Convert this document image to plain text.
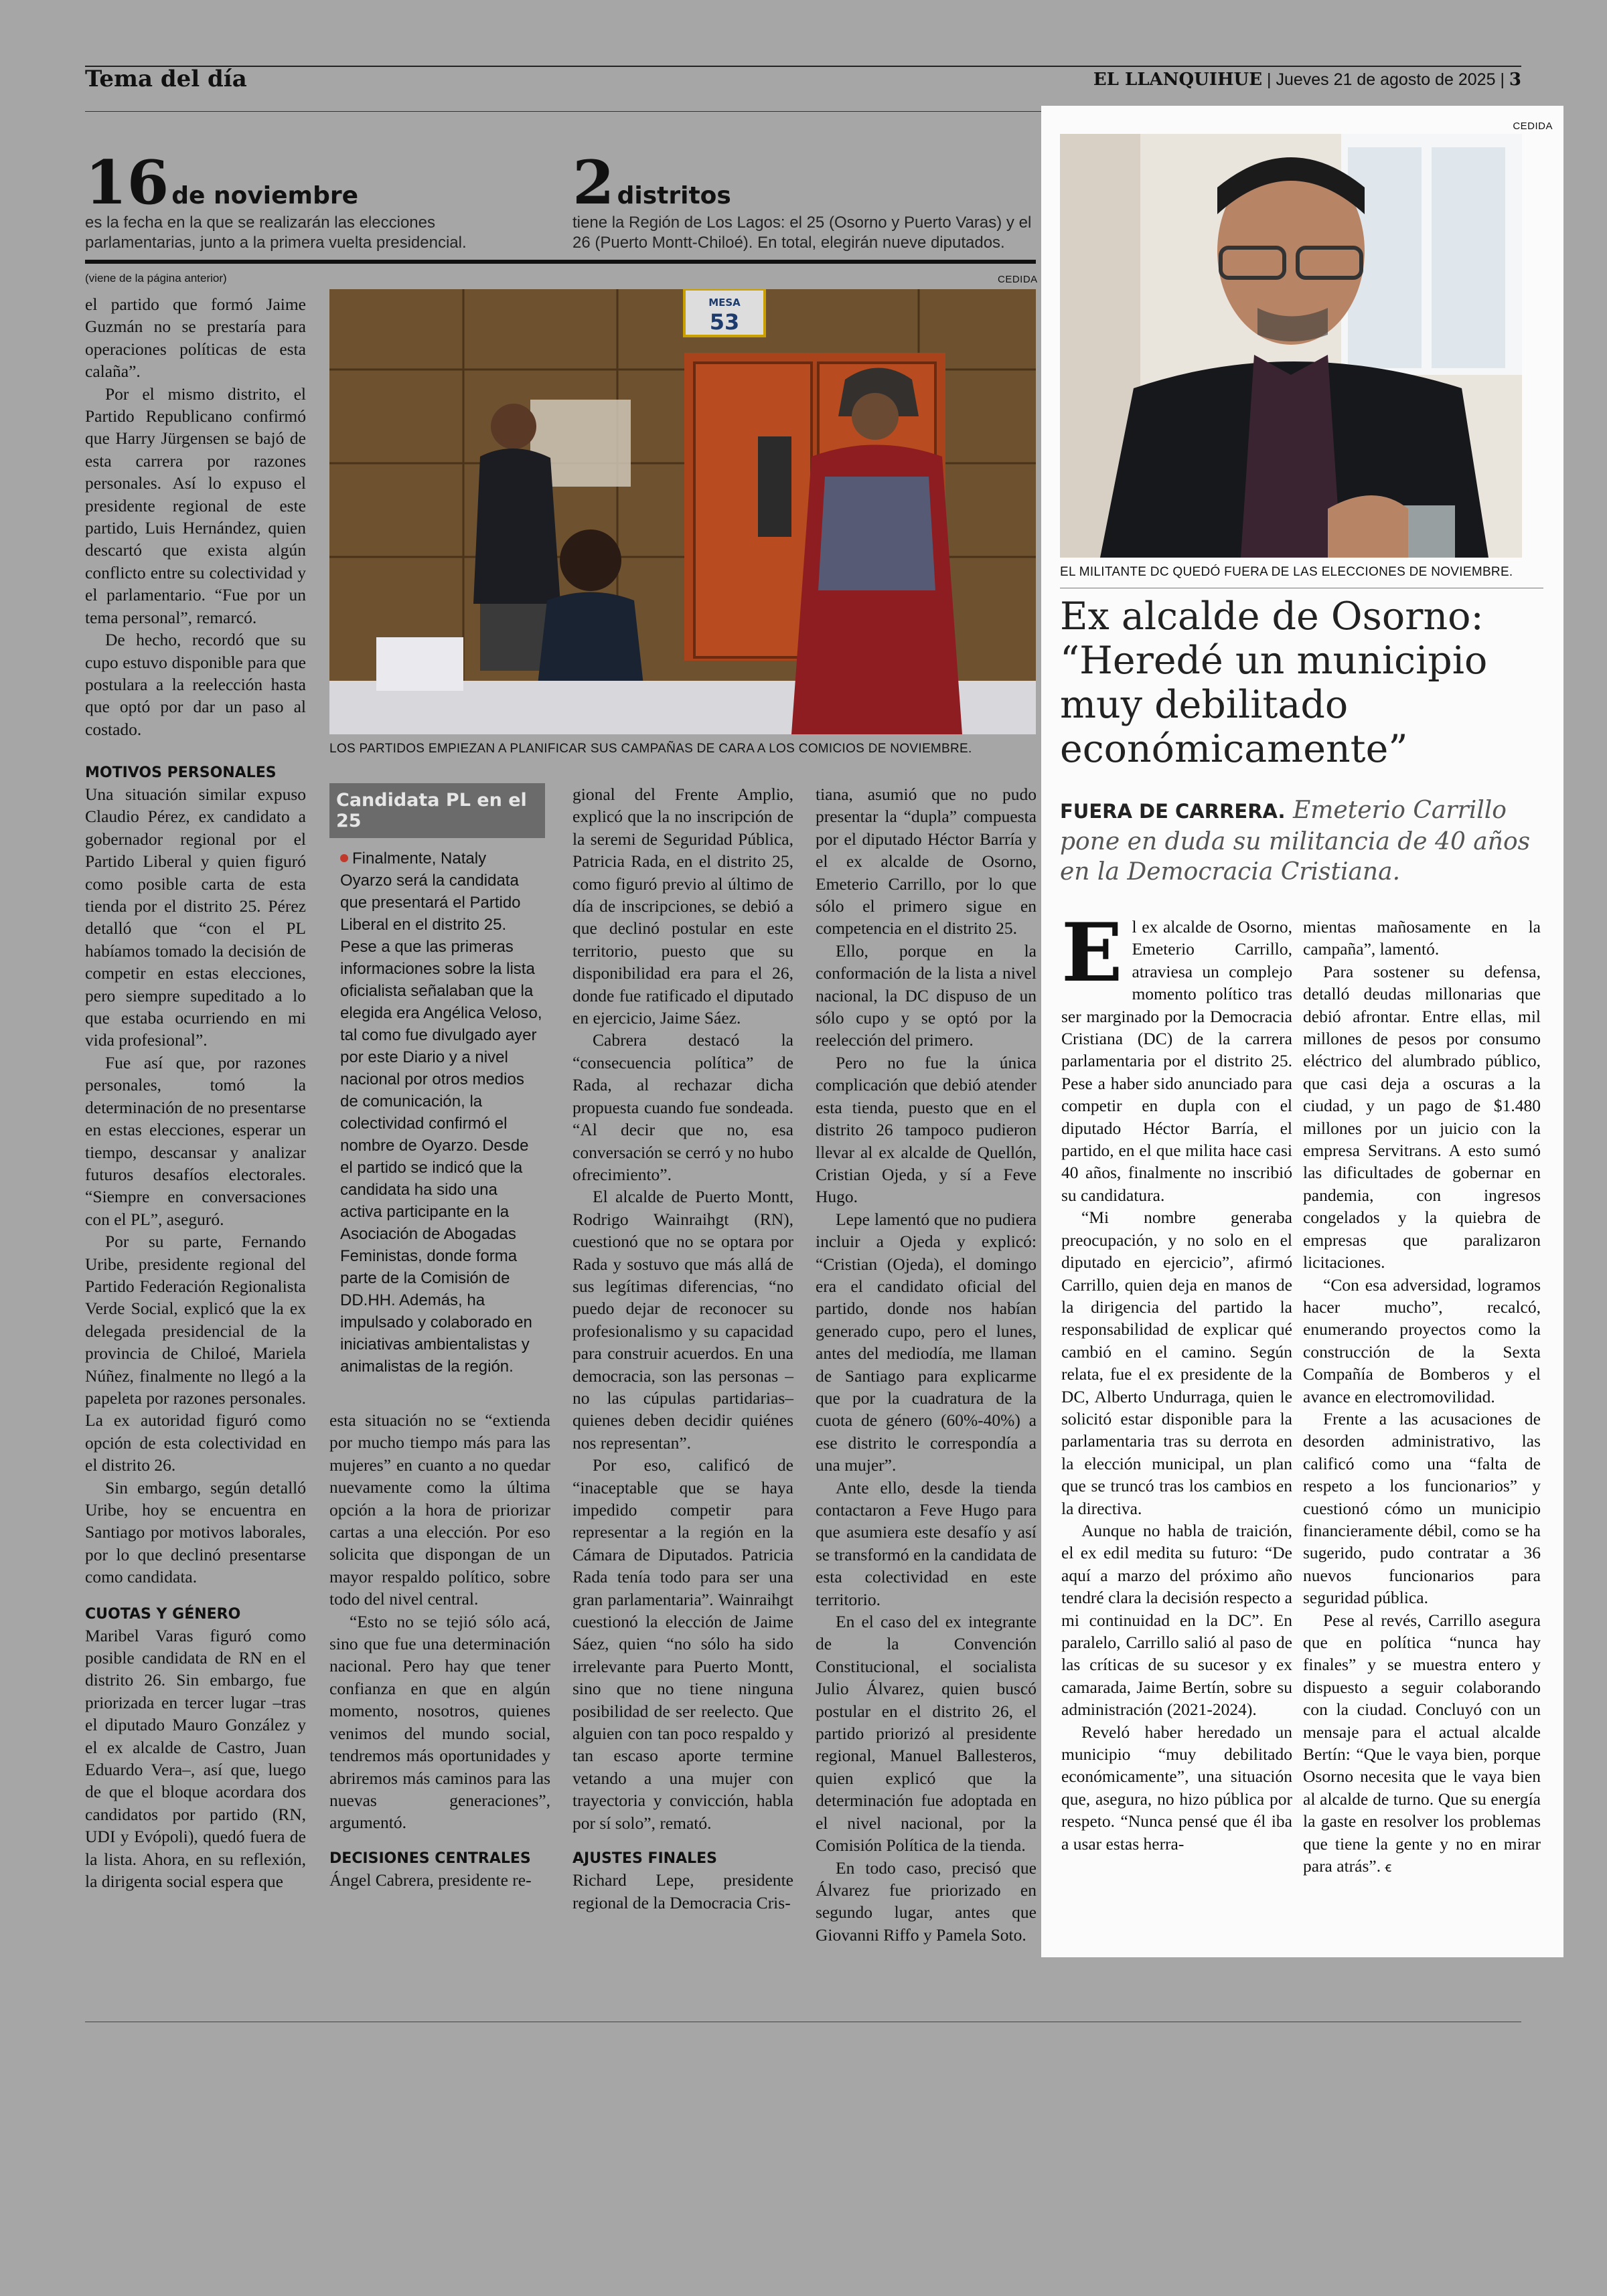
Tema del día	EL LLANQUIHUE | Jueves 21 de agosto de 2025 | 3
16 de noviembre
es la fecha en la que se realizarán las elecciones parlamentarias, junto a la primera vuelta presidencial.
2 distritos
tiene la Región de Los Lagos: el 25 (Osorno y Puerto Varas) y el 26 (Puerto Montt-Chiloé). En total, elegirán nueve diputados.
(viene de la página anterior)	CEDIDA
MESA
53
LOS PARTIDOS EMPIEZAN A PLANIFICAR SUS CAMPAÑAS DE CARA A LOS COMICIOS DE NOVIEMBRE.

el partido que formó Jaime Guzmán no se prestaría para operaciones políticas de esta calaña”.

Por el mismo distrito, el Partido Republicano confirmó que Harry Jürgensen se bajó de esta carrera por razones personales. Así lo expuso el presidente regional de este partido, Luis Hernández, quien descartó que exista algún conflicto entre su colectividad y el parlamentario. “Fue por un tema personal”, remarcó.

De hecho, recordó que su cupo estuvo disponible para que postulara a la reelección hasta que optó por dar un paso al costado.

MOTIVOS PERSONALES

Una situación similar expuso Claudio Pérez, ex candidato a gobernador regional por el Partido Liberal y quien figuró como posible carta de esta tienda por el distrito 25. Pérez detalló que “con el PL habíamos tomado la decisión de competir en estas elecciones, pero siempre supeditado a lo que estaba ocurriendo en mi vida profesional”.

Fue así que, por razones personales, tomó la determinación de no presentarse en estas elecciones, esperar un tiempo, descansar y analizar futuros desafíos electorales. “Siempre en conversaciones con el PL”, aseguró.

Por su parte, Fernando Uribe, presidente regional del Partido Federación Regionalista Verde Social, explicó que la ex delegada presidencial de la provincia de Chiloé, Mariela Núñez, finalmente no llegó a la papeleta por razones personales. La ex autoridad figuró como opción de esta colectividad en el distrito 26.

Sin embargo, según detalló Uribe, hoy se encuentra en Santiago por motivos laborales, por lo que declinó presentarse como candidata.

CUOTAS Y GÉNERO

Maribel Varas figuró como posible candidata de RN en el distrito 26. Sin embargo, fue priorizada en tercer lugar –tras el diputado Mauro González y el ex alcalde de Castro, Juan Eduardo Vera–, así que, luego de que el bloque acordara dos candidatos por partido (RN, UDI y Evópoli), quedó fuera de la lista. Ahora, en su reflexión, la dirigenta social espera que

Candidata PL en el 25
Finalmente, Nataly Oyarzo será la candidata que presentará el Partido Liberal en el distrito 25. Pese a que las primeras informaciones sobre la lista oficialista señalaban que la elegida era Angélica Veloso, tal como fue divulgado ayer por este Diario y a nivel nacional por otros medios de comunicación, la colectividad confirmó el nombre de Oyarzo. Desde el partido se indicó que la candidata ha sido una activa participante en la Asociación de Abogadas Feministas, donde forma parte de la Comisión de DD.HH. Además, ha impulsado y colaborado en iniciativas ambientalistas y animalistas de la región.

esta situación no se “extienda por mucho tiempo más para las mujeres” en cuanto a no quedar nuevamente como la última opción a la hora de priorizar cartas a una elección. Por eso solicita que dispongan de un mayor respaldo político, sobre todo del nivel central.

“Esto no se tejió sólo acá, sino que fue una determinación nacional. Pero hay que tener confianza en que en algún momento, nosotros, quienes venimos del mundo social, tendremos más oportunidades y abriremos más caminos para las nuevas generaciones”, argumentó.

DECISIONES CENTRALES

Ángel Cabrera, presidente re-

gional del Frente Amplio, explicó que la no inscripción de la seremi de Seguridad Pública, Patricia Rada, en el distrito 25, como figuró previo al último de día de inscripciones, se debió a que declinó postular en este territorio, puesto que su disponibilidad era para el 26, donde fue ratificado el diputado en ejercicio, Jaime Sáez.

Cabrera destacó la “consecuencia política” de Rada, al rechazar dicha propuesta cuando fue sondeada. “Al decir que no, esa conversación se cerró y no hubo ofrecimiento”.

El alcalde de Puerto Montt, Rodrigo Wainraihgt (RN), cuestionó que no se optara por Rada y sostuvo que más allá de sus legítimas diferencias, “no puedo dejar de reconocer su profesionalismo y su capacidad para construir acuerdos. En una democracia, son las personas –no las cúpulas partidarias– quienes deben decidir quiénes nos representan”.

Por eso, calificó de “inaceptable que se haya impedido competir para representar a la región en la Cámara de Diputados. Patricia Rada tenía todo para ser una gran parlamentaria”. Wainraihgt cuestionó la elección de Jaime Sáez, quien “no sólo ha sido irrelevante para Puerto Montt, sino que no tiene ninguna posibilidad de ser reelecto. Que alguien con tan poco respaldo y tan escaso aporte termine vetando a una mujer con trayectoria y convicción, habla por sí solo”, remató.

AJUSTES FINALES

Richard Lepe, presidente regional de la Democracia Cris-

tiana, asumió que no pudo presentar la “dupla” compuesta por el diputado Héctor Barría y el ex alcalde de Osorno, Emeterio Carrillo, por lo que sólo el primero sigue en competencia en el distrito 25.

Ello, porque en la conformación de la lista a nivel nacional, la DC dispuso de un sólo cupo y se optó por la reelección del primero.

Pero no fue la única complicación que debió atender esta tienda, puesto que en el distrito 26 tampoco pudieron llevar al ex alcalde de Quellón, Cristian Ojeda, y sí a Feve Hugo.

Lepe lamentó que no pudiera incluir a Ojeda y explicó: “Cristian (Ojeda), el domingo era el candidato oficial del partido, donde nos habían generado cupo, pero el lunes, antes del mediodía, me llaman de Santiago para explicarme que por la cuadratura de la cuota de género (60%-40%) a ese distrito le correspondía a una mujer”.

Ante ello, desde la tienda contactaron a Feve Hugo para que asumiera este desafío y así se transformó en la candidata de esta colectividad en este territorio.

En el caso del ex integrante de la Convención Constitucional, el socialista Julio Álvarez, quien buscó postular en el distrito 26, el partido priorizó al presidente regional, Manuel Ballesteros, quien explicó que la determinación fue adoptada en el nivel nacional, por la Comisión Política de la tienda.

En todo caso, precisó que Álvarez fue priorizado en segundo lugar, antes que Giovanni Riffo y Pamela Soto.

CEDIDA
EL MILITANTE DC QUEDÓ FUERA DE LAS ELECCIONES DE NOVIEMBRE.
Ex alcalde de Osorno: “Heredé un municipio muy debilitado económicamente”
FUERA DE CARRERA. Emeterio Carrillo pone en duda su militancia de 40 años en la Democracia Cristiana.
E l ex alcalde de Osorno, Emeterio Carrillo, atraviesa un complejo momento político tras ser marginado por la Democracia Cristiana (DC) de la carrera parlamentaria por el distrito 25. Pese a haber sido anunciado para competir en dupla con el diputado Héctor Barría, el partido, en el que milita hace casi 40 años, finalmente no inscribió su candidatura.

“Mi nombre generaba preocupación, y no solo en el diputado en ejercicio”, afirmó Carrillo, quien deja en manos de la dirigencia del partido la responsabilidad de explicar qué cambió en el camino. Según relata, fue el ex presidente de la DC, Alberto Undurraga, quien le solicitó estar disponible para la parlamentaria tras su derrota en la elección municipal, un plan que se truncó tras los cambios en la directiva.

Aunque no habla de traición, el ex edil medita su futuro: “De aquí a marzo del próximo año tendré clara la decisión respecto a mi continuidad en la DC”. En paralelo, Carrillo salió al paso de las críticas de su sucesor y ex camarada, Jaime Bertín, sobre su administración (2021-2024).

Reveló haber heredado un municipio “muy debilitado económicamente”, una situación que, asegura, no hizo pública por respeto. “Nunca pensé que él iba a usar estas herra-

mientas mañosamente en la campaña”, lamentó.

Para sostener su defensa, detalló deudas millonarias que debió afrontar. Entre ellas, mil millones de pesos por consumo eléctrico del alumbrado público, que casi deja a oscuras a la ciudad, y un pago de $1.480 millones por un juicio con la empresa Servitrans. A esto sumó las dificultades de gobernar en pandemia, con ingresos congelados y la quiebra de empresas que paralizaron licitaciones.

“Con esa adversidad, logramos hacer mucho”, recalcó, enumerando proyectos como la construcción de la Sexta Compañía de Bomberos y el avance en electromovilidad.

Frente a las acusaciones de desorden administrativo, las calificó como una “falta de respeto a los funcionarios” y cuestionó cómo un municipio financieramente débil, como se ha sugerido, pudo contratar a 36 nuevos funcionarios para seguridad pública.

Pese al revés, Carrillo asegura que en política “nunca hay finales” y se muestra entero y dispuesto a seguir colaborando con la ciudad. Concluyó con un mensaje para el actual alcalde Bertín: “Que le vaya bien, porque Osorno necesita que le vaya bien al alcalde de turno. Que su energía la gaste en resolver los problemas que tiene la gente y no en mirar para atrás”. ꞓ
